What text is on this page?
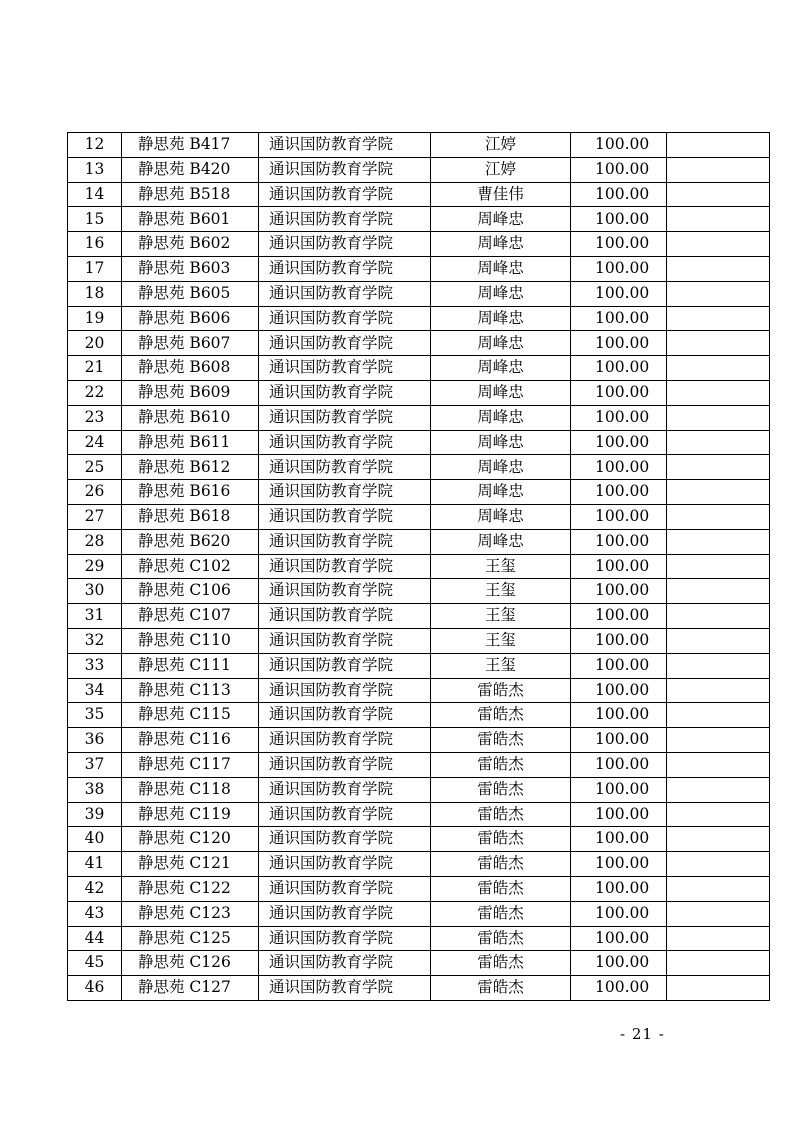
12	静思苑 B417	通识国防教育学院	江婷	100.00	
13	静思苑 B420	通识国防教育学院	江婷	100.00	
14	静思苑 B518	通识国防教育学院	曹佳伟	100.00	
15	静思苑 B601	通识国防教育学院	周峰忠	100.00	
16	静思苑 B602	通识国防教育学院	周峰忠	100.00	
17	静思苑 B603	通识国防教育学院	周峰忠	100.00	
18	静思苑 B605	通识国防教育学院	周峰忠	100.00	
19	静思苑 B606	通识国防教育学院	周峰忠	100.00	
20	静思苑 B607	通识国防教育学院	周峰忠	100.00	
21	静思苑 B608	通识国防教育学院	周峰忠	100.00	
22	静思苑 B609	通识国防教育学院	周峰忠	100.00	
23	静思苑 B610	通识国防教育学院	周峰忠	100.00	
24	静思苑 B611	通识国防教育学院	周峰忠	100.00	
25	静思苑 B612	通识国防教育学院	周峰忠	100.00	
26	静思苑 B616	通识国防教育学院	周峰忠	100.00	
27	静思苑 B618	通识国防教育学院	周峰忠	100.00	
28	静思苑 B620	通识国防教育学院	周峰忠	100.00	
29	静思苑 C102	通识国防教育学院	王玺	100.00	
30	静思苑 C106	通识国防教育学院	王玺	100.00	
31	静思苑 C107	通识国防教育学院	王玺	100.00	
32	静思苑 C110	通识国防教育学院	王玺	100.00	
33	静思苑 C111	通识国防教育学院	王玺	100.00	
34	静思苑 C113	通识国防教育学院	雷皓杰	100.00	
35	静思苑 C115	通识国防教育学院	雷皓杰	100.00	
36	静思苑 C116	通识国防教育学院	雷皓杰	100.00	
37	静思苑 C117	通识国防教育学院	雷皓杰	100.00	
38	静思苑 C118	通识国防教育学院	雷皓杰	100.00	
39	静思苑 C119	通识国防教育学院	雷皓杰	100.00	
40	静思苑 C120	通识国防教育学院	雷皓杰	100.00	
41	静思苑 C121	通识国防教育学院	雷皓杰	100.00	
42	静思苑 C122	通识国防教育学院	雷皓杰	100.00	
43	静思苑 C123	通识国防教育学院	雷皓杰	100.00	
44	静思苑 C125	通识国防教育学院	雷皓杰	100.00	
45	静思苑 C126	通识国防教育学院	雷皓杰	100.00	
46	静思苑 C127	通识国防教育学院	雷皓杰	100.00	
- 21 -
